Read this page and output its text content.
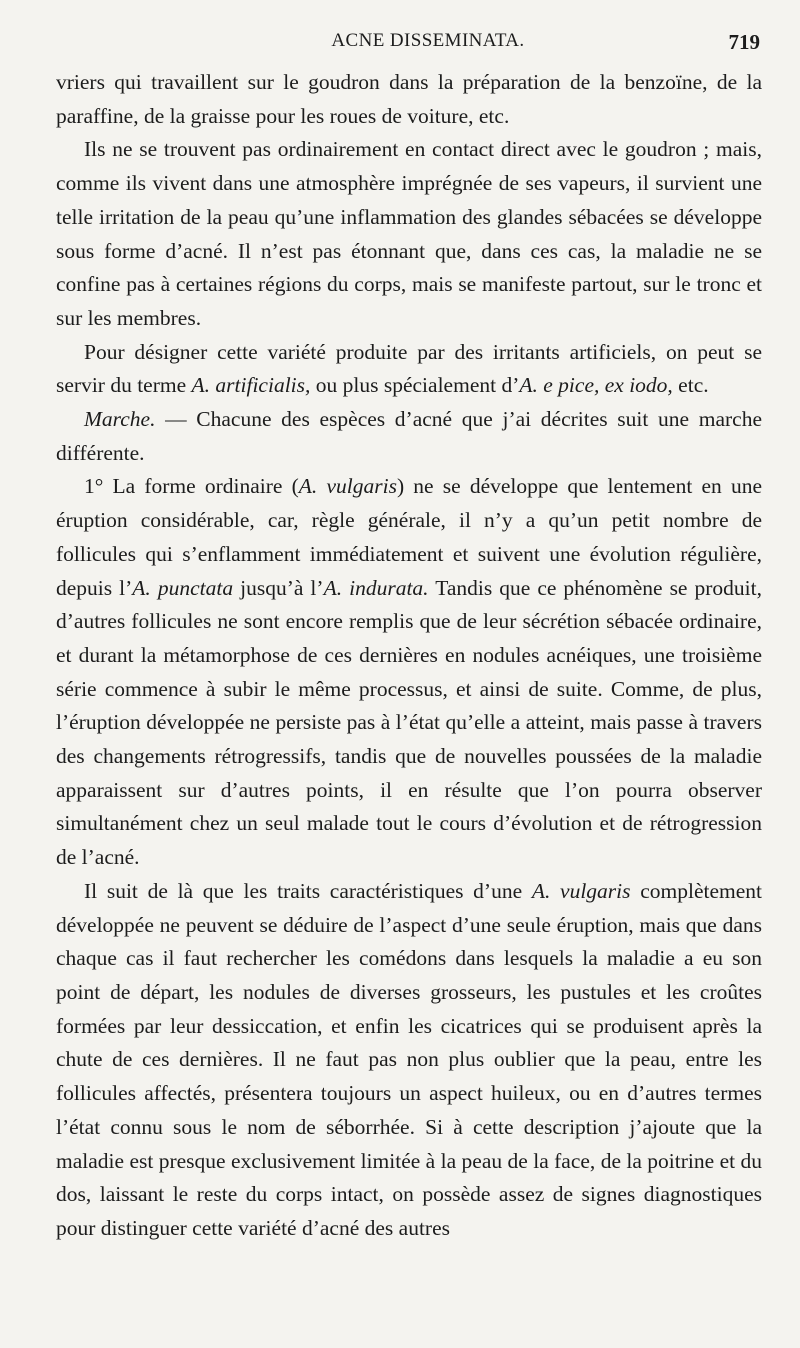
ACNE DISSEMINATA.	719

vriers qui travaillent sur le goudron dans la préparation de la benzoïne, de la paraffine, de la graisse pour les roues de voiture, etc.

Ils ne se trouvent pas ordinairement en contact direct avec le goudron ; mais, comme ils vivent dans une atmosphère imprégnée de ses vapeurs, il survient une telle irritation de la peau qu’une inflammation des glandes sébacées se développe sous forme d’acné. Il n’est pas étonnant que, dans ces cas, la maladie ne se confine pas à certaines régions du corps, mais se manifeste partout, sur le tronc et sur les membres.

Pour désigner cette variété produite par des irritants artificiels, on peut se servir du terme A. artificialis, ou plus spécialement d’A. e pice, ex iodo, etc.

Marche. — Chacune des espèces d’acné que j’ai décrites suit une marche différente.

1° La forme ordinaire (A. vulgaris) ne se développe que lentement en une éruption considérable, car, règle générale, il n’y a qu’un petit nombre de follicules qui s’enflamment immédiatement et suivent une évolution régulière, depuis l’A. punctata jusqu’à l’A. indurata. Tandis que ce phénomène se produit, d’autres follicules ne sont encore remplis que de leur sécrétion sébacée ordinaire, et durant la métamorphose de ces dernières en nodules acnéiques, une troisième série commence à subir le même processus, et ainsi de suite. Comme, de plus, l’éruption développée ne persiste pas à l’état qu’elle a atteint, mais passe à travers des changements rétrogressifs, tandis que de nouvelles poussées de la maladie apparaissent sur d’autres points, il en résulte que l’on pourra observer simultanément chez un seul malade tout le cours d’évolution et de rétrogression de l’acné.

Il suit de là que les traits caractéristiques d’une A. vulgaris complètement développée ne peuvent se déduire de l’aspect d’une seule éruption, mais que dans chaque cas il faut rechercher les comédons dans lesquels la maladie a eu son point de départ, les nodules de diverses grosseurs, les pustules et les croûtes formées par leur dessiccation, et enfin les cicatrices qui se produisent après la chute de ces dernières. Il ne faut pas non plus oublier que la peau, entre les follicules affectés, présentera toujours un aspect huileux, ou en d’autres termes l’état connu sous le nom de séborrhée. Si à cette description j’ajoute que la maladie est presque exclusivement limitée à la peau de la face, de la poitrine et du dos, laissant le reste du corps intact, on possède assez de signes diagnostiques pour distinguer cette variété d’acné des autres
